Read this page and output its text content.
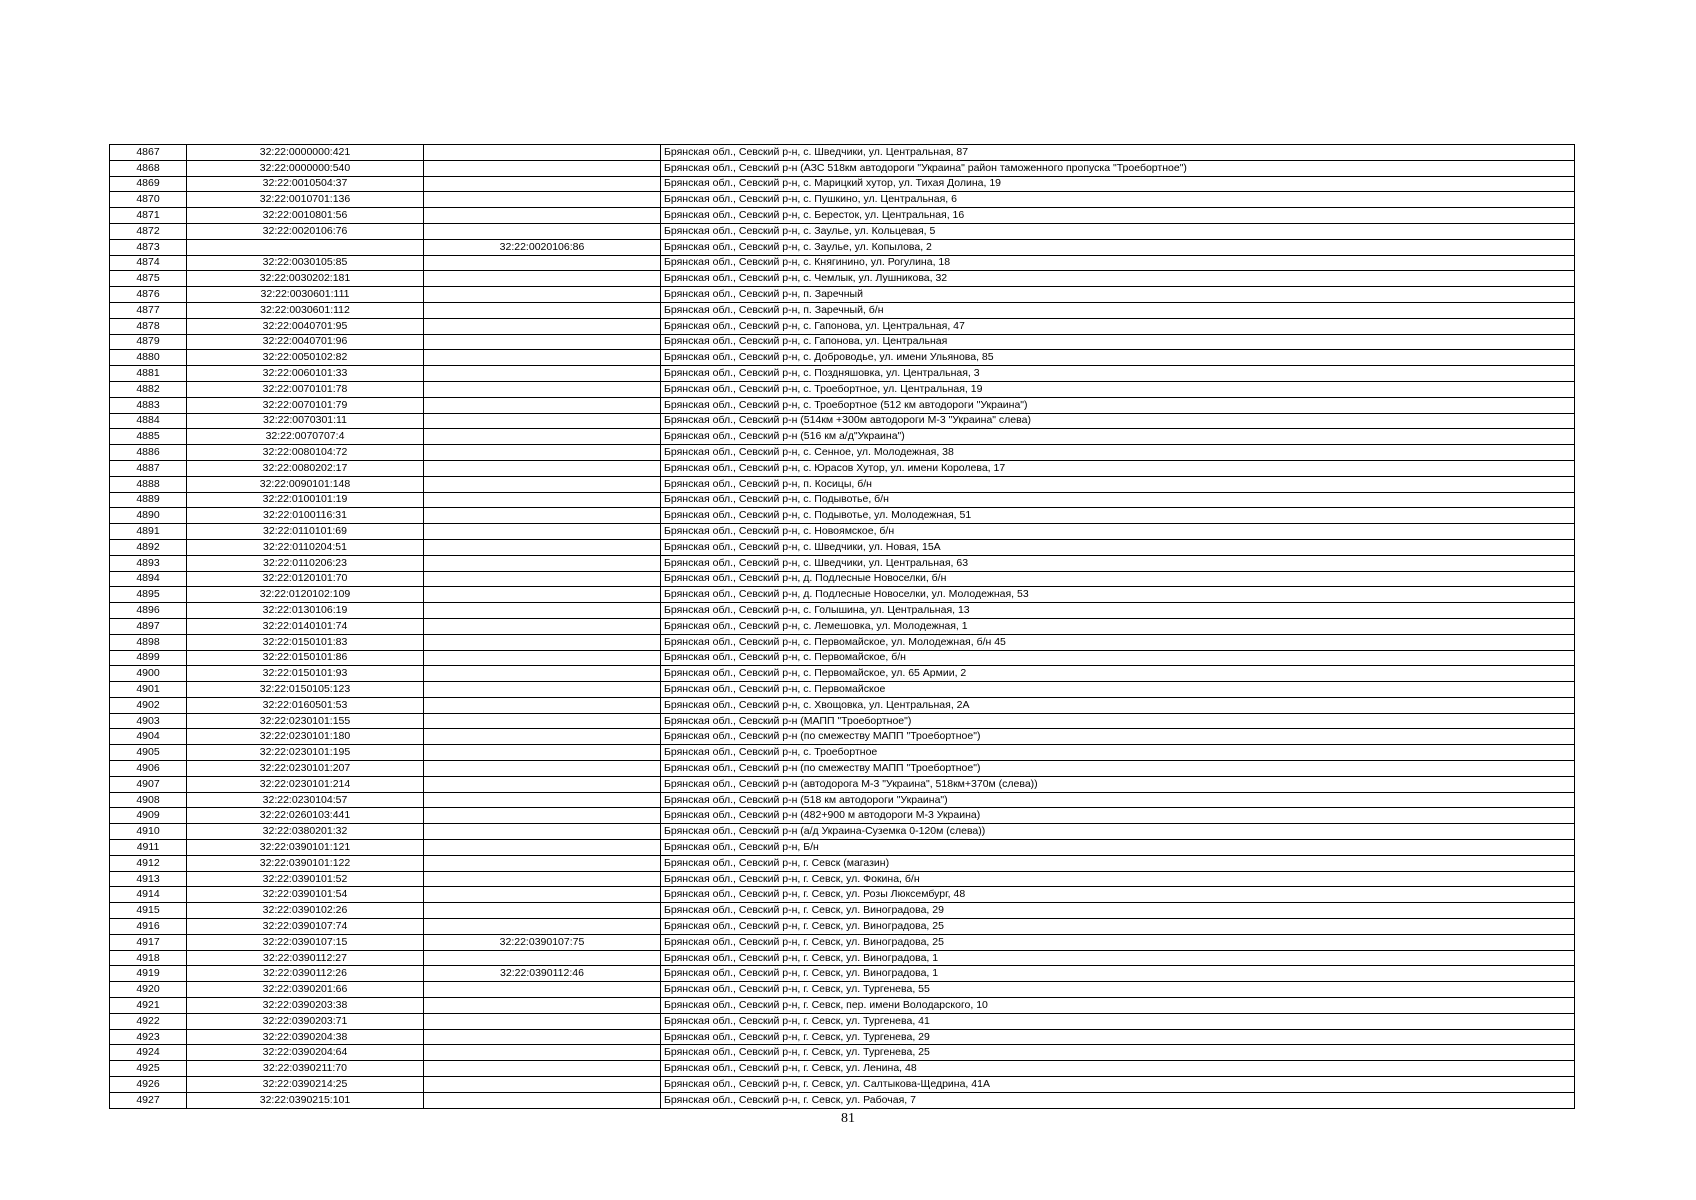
4867	32:22:0000000:421		Брянская обл., Севский р-н, с. Шведчики, ул. Центральная, 87
4868	32:22:0000000:540		Брянская обл., Севский р-н (АЗС 518км автодороги "Украина" район таможенного пропуска "Троебортное")
4869	32:22:0010504:37		Брянская обл., Севский р-н, с. Марицкий хутор, ул. Тихая Долина, 19
4870	32:22:0010701:136		Брянская обл., Севский р-н, с. Пушкино, ул. Центральная, 6
4871	32:22:0010801:56		Брянская обл., Севский р-н, с. Бересток, ул. Центральная, 16
4872	32:22:0020106:76		Брянская обл., Севский р-н, с. Заулье, ул. Кольцевая, 5
4873		32:22:0020106:86	Брянская обл., Севский р-н, с. Заулье, ул. Копылова, 2
4874	32:22:0030105:85		Брянская обл., Севский р-н, с. Княгинино, ул. Рогулина, 18
4875	32:22:0030202:181		Брянская обл., Севский р-н, с. Чемлык, ул. Лушникова, 32
4876	32:22:0030601:111		Брянская обл., Севский р-н, п. Заречный
4877	32:22:0030601:112		Брянская обл., Севский р-н, п. Заречный, б/н
4878	32:22:0040701:95		Брянская обл., Севский р-н, с. Гапонова, ул. Центральная, 47
4879	32:22:0040701:96		Брянская обл., Севский р-н, с. Гапонова, ул. Центральная
4880	32:22:0050102:82		Брянская обл., Севский р-н, с. Доброводье, ул. имени Ульянова, 85
4881	32:22:0060101:33		Брянская обл., Севский р-н, с. Поздняшовка, ул. Центральная, 3
4882	32:22:0070101:78		Брянская обл., Севский р-н, с. Троебортное, ул. Центральная, 19
4883	32:22:0070101:79		Брянская обл., Севский р-н, с. Троебортное (512 км автодороги "Украина")
4884	32:22:0070301:11		Брянская обл., Севский р-н (514км +300м автодороги М-3 "Украина" слева)
4885	32:22:0070707:4		Брянская обл., Севский р-н (516 км а/д"Украина")
4886	32:22:0080104:72		Брянская обл., Севский р-н, с. Сенное, ул. Молодежная, 38
4887	32:22:0080202:17		Брянская обл., Севский р-н, с. Юрасов Хутор, ул. имени Королева, 17
4888	32:22:0090101:148		Брянская обл., Севский р-н, п. Косицы, б/н
4889	32:22:0100101:19		Брянская обл., Севский р-н, с. Подывотье, б/н
4890	32:22:0100116:31		Брянская обл., Севский р-н, с. Подывотье, ул. Молодежная, 51
4891	32:22:0110101:69		Брянская обл., Севский р-н, с. Новоямское, б/н
4892	32:22:0110204:51		Брянская обл., Севский р-н, с. Шведчики, ул. Новая, 15А
4893	32:22:0110206:23		Брянская обл., Севский р-н, с. Шведчики, ул. Центральная, 63
4894	32:22:0120101:70		Брянская обл., Севский р-н, д. Подлесные Новоселки, б/н
4895	32:22:0120102:109		Брянская обл., Севский р-н, д. Подлесные Новоселки, ул. Молодежная, 53
4896	32:22:0130106:19		Брянская обл., Севский р-н, с. Голышина, ул. Центральная, 13
4897	32:22:0140101:74		Брянская обл., Севский р-н, с. Лемешовка, ул. Молодежная, 1
4898	32:22:0150101:83		Брянская обл., Севский р-н, с. Первомайское, ул. Молодежная, б/н 45
4899	32:22:0150101:86		Брянская обл., Севский р-н, с. Первомайское, б/н
4900	32:22:0150101:93		Брянская обл., Севский р-н, с. Первомайское, ул. 65 Армии, 2
4901	32:22:0150105:123		Брянская обл., Севский р-н, с. Первомайское
4902	32:22:0160501:53		Брянская обл., Севский р-н, с. Хвощовка, ул. Центральная, 2А
4903	32:22:0230101:155		Брянская обл., Севский р-н (МАПП "Троебортное")
4904	32:22:0230101:180		Брянская обл., Севский р-н (по смежеству МАПП "Троебортное")
4905	32:22:0230101:195		Брянская обл., Севский р-н, с. Троебортное
4906	32:22:0230101:207		Брянская обл., Севский р-н (по смежеству МАПП "Троебортное")
4907	32:22:0230101:214		Брянская обл., Севский р-н (автодорога М-3 "Украина", 518км+370м (слева))
4908	32:22:0230104:57		Брянская обл., Севский р-н (518 км автодороги "Украина")
4909	32:22:0260103:441		Брянская обл., Севский р-н (482+900 м автодороги М-3 Украина)
4910	32:22:0380201:32		Брянская обл., Севский р-н (а/д Украина-Суземка 0-120м (слева))
4911	32:22:0390101:121		Брянская обл., Севский р-н, Б/н
4912	32:22:0390101:122		Брянская обл., Севский р-н, г. Севск (магазин)
4913	32:22:0390101:52		Брянская обл., Севский р-н, г. Севск, ул. Фокина, б/н
4914	32:22:0390101:54		Брянская обл., Севский р-н, г. Севск, ул. Розы Люксембург, 48
4915	32:22:0390102:26		Брянская обл., Севский р-н, г. Севск, ул. Виноградова, 29
4916	32:22:0390107:74		Брянская обл., Севский р-н, г. Севск, ул. Виноградова, 25
4917	32:22:0390107:15	32:22:0390107:75	Брянская обл., Севский р-н, г. Севск, ул. Виноградова, 25
4918	32:22:0390112:27		Брянская обл., Севский р-н, г. Севск, ул. Виноградова, 1
4919	32:22:0390112:26	32:22:0390112:46	Брянская обл., Севский р-н, г. Севск, ул. Виноградова, 1
4920	32:22:0390201:66		Брянская обл., Севский р-н, г. Севск, ул. Тургенева, 55
4921	32:22:0390203:38		Брянская обл., Севский р-н, г. Севск, пер. имени Володарского, 10
4922	32:22:0390203:71		Брянская обл., Севский р-н, г. Севск, ул. Тургенева, 41
4923	32:22:0390204:38		Брянская обл., Севский р-н, г. Севск, ул. Тургенева, 29
4924	32:22:0390204:64		Брянская обл., Севский р-н, г. Севск, ул. Тургенева, 25
4925	32:22:0390211:70		Брянская обл., Севский р-н, г. Севск, ул. Ленина, 48
4926	32:22:0390214:25		Брянская обл., Севский р-н, г. Севск, ул. Салтыкова-Щедрина, 41А
4927	32:22:0390215:101		Брянская обл., Севский р-н, г. Севск, ул. Рабочая, 7
81
